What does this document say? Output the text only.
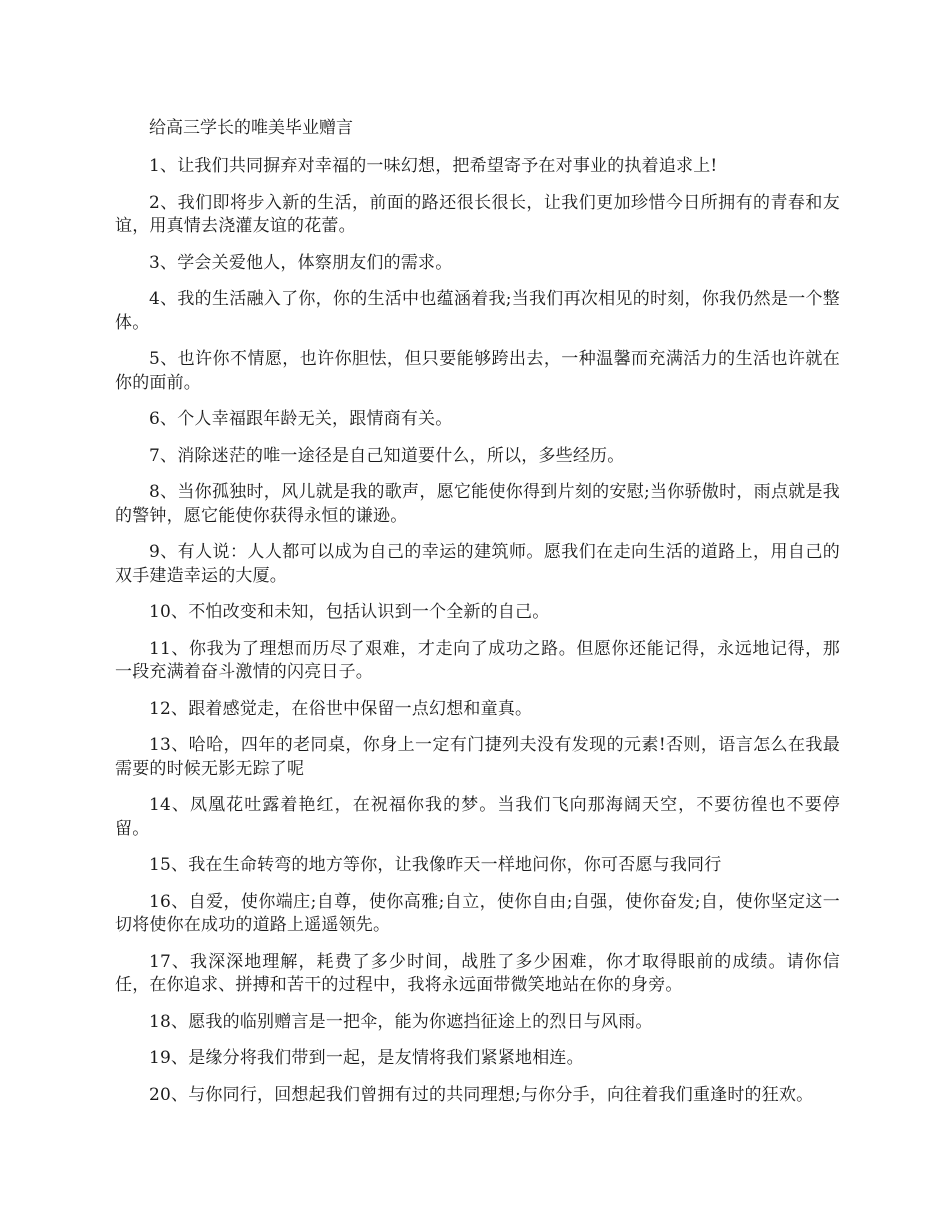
给高三学长的唯美毕业赠言

1、让我们共同摒弃对幸福的一味幻想，把希望寄予在对事业的执着追求上!

2、我们即将步入新的生活，前面的路还很长很长，让我们更加珍惜今日所拥有的青春和友谊，用真情去浇灌友谊的花蕾。

3、学会关爱他人，体察朋友们的需求。

4、我的生活融入了你，你的生活中也蕴涵着我;当我们再次相见的时刻，你我仍然是一个整体。

5、也许你不情愿，也许你胆怯，但只要能够跨出去，一种温馨而充满活力的生活也许就在你的面前。

6、个人幸福跟年龄无关，跟情商有关。

7、消除迷茫的唯一途径是自己知道要什么，所以，多些经历。

8、当你孤独时，风儿就是我的歌声，愿它能使你得到片刻的安慰;当你骄傲时，雨点就是我的警钟，愿它能使你获得永恒的谦逊。

9、有人说：人人都可以成为自己的幸运的建筑师。愿我们在走向生活的道路上，用自己的双手建造幸运的大厦。

10、不怕改变和未知，包括认识到一个全新的自己。

11、你我为了理想而历尽了艰难，才走向了成功之路。但愿你还能记得，永远地记得，那一段充满着奋斗激情的闪亮日子。

12、跟着感觉走，在俗世中保留一点幻想和童真。

13、哈哈，四年的老同桌，你身上一定有门捷列夫没有发现的元素!否则，语言怎么在我最需要的时候无影无踪了呢

14、凤凰花吐露着艳红，在祝福你我的梦。当我们飞向那海阔天空，不要彷徨也不要停留。

15、我在生命转弯的地方等你，让我像昨天一样地问你，你可否愿与我同行

16、自爱，使你端庄;自尊，使你高雅;自立，使你自由;自强，使你奋发;自，使你坚定这一切将使你在成功的道路上遥遥领先。

17、我深深地理解，耗费了多少时间，战胜了多少困难，你才取得眼前的成绩。请你信任，在你追求、拼搏和苦干的过程中，我将永远面带微笑地站在你的身旁。

18、愿我的临别赠言是一把伞，能为你遮挡征途上的烈日与风雨。

19、是缘分将我们带到一起，是友情将我们紧紧地相连。

20、与你同行，回想起我们曾拥有过的共同理想;与你分手，向往着我们重逢时的狂欢。
